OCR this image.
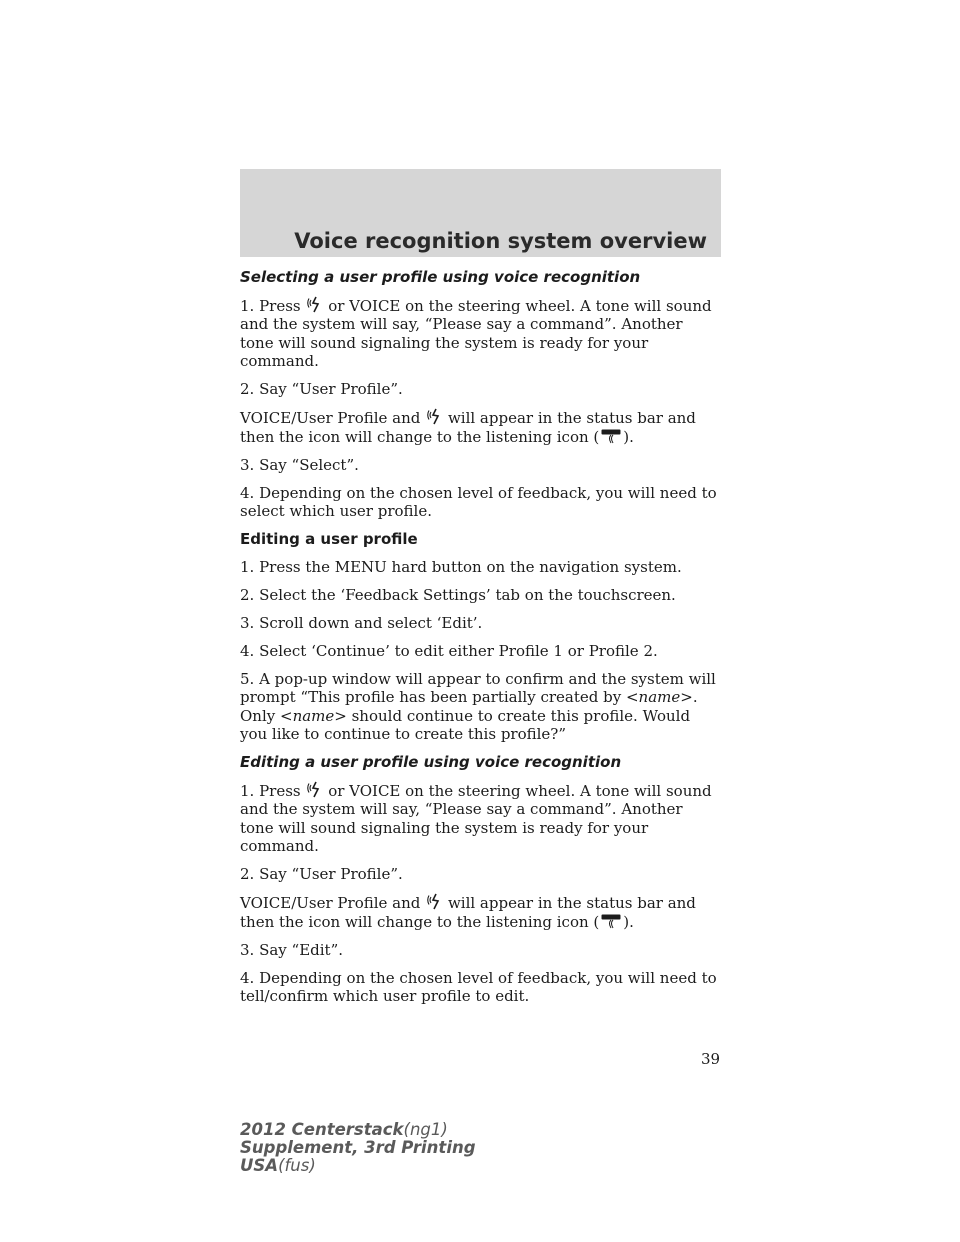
Voice recognition system overview
Selecting a user profile using voice recognition

1. Press or VOICE on the steering wheel. A tone will sound and the system will say, “Please say a command”. Another tone will sound signaling the system is ready for your command.

2. Say “User Profile”.

VOICE/User Profile and will appear in the status bar and then the icon will change to the listening icon ( ).

3. Say “Select”.

4. Depending on the chosen level of feedback, you will need to select which user profile.

Editing a user profile

1. Press the MENU hard button on the navigation system.

2. Select the ‘Feedback Settings’ tab on the touchscreen.

3. Scroll down and select ‘Edit’.

4. Select ‘Continue’ to edit either Profile 1 or Profile 2.

5. A pop-up window will appear to confirm and the system will prompt “This profile has been partially created by <name>. Only <name> should continue to create this profile. Would you like to continue to create this profile?”

Editing a user profile using voice recognition

1. Press or VOICE on the steering wheel. A tone will sound and the system will say, “Please say a command”. Another tone will sound signaling the system is ready for your command.

2. Say “User Profile”.

VOICE/User Profile and will appear in the status bar and then the icon will change to the listening icon ( ).

3. Say “Edit”.

4. Depending on the chosen level of feedback, you will need to tell/confirm which user profile to edit.

39
2012 Centerstack(ng1)
Supplement, 3rd Printing
USA(fus)
